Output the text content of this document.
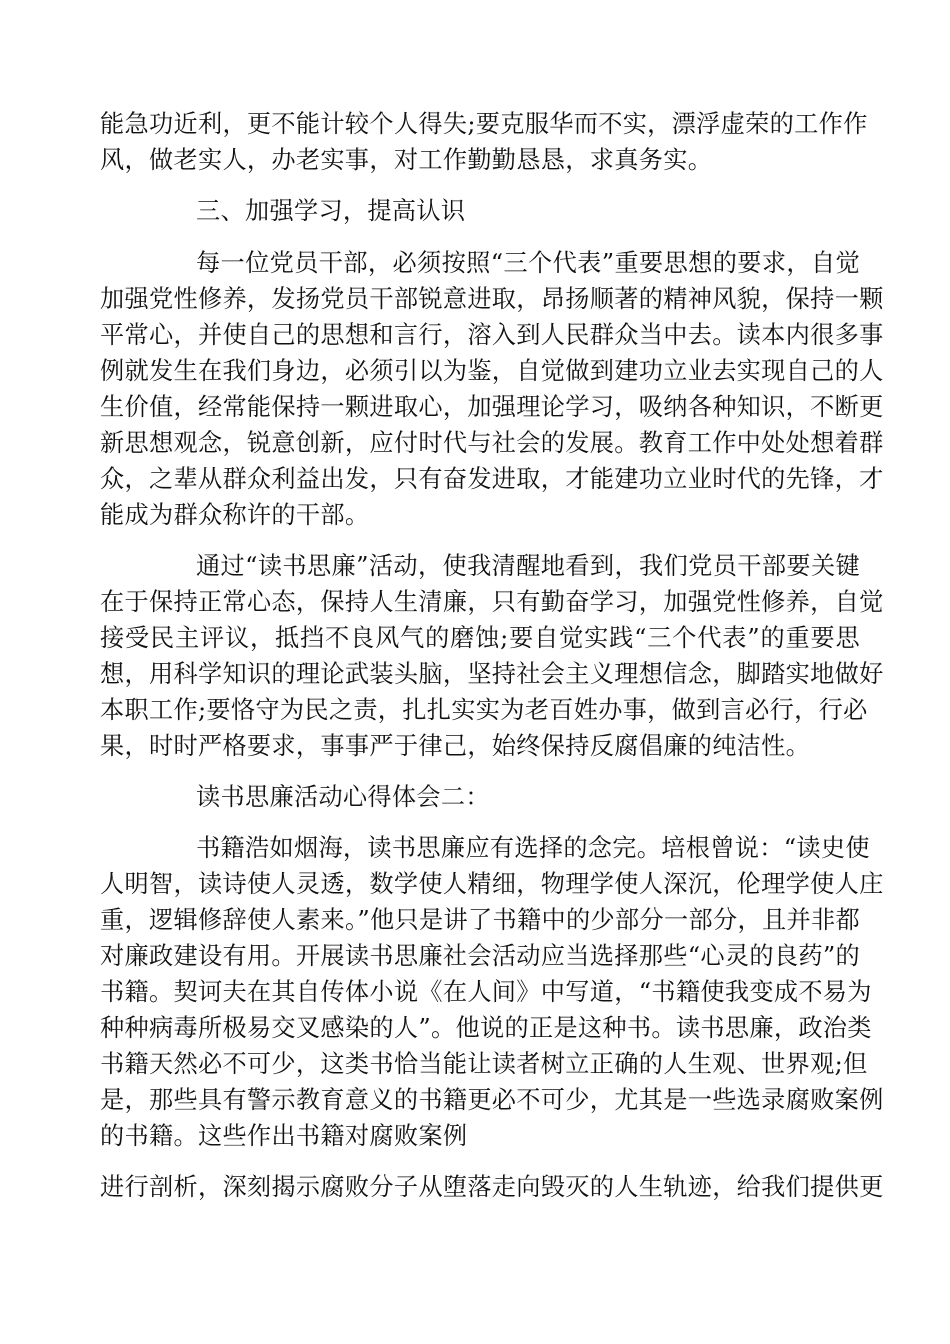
能急功近利，更不能计较个人得失;要克服华而不实，漂浮虚荣的工作作
风，做老实人，办老实事，对工作勤勤恳恳，求真务实。
三、加强学习，提高认识
每一位党员干部，必须按照“三个代表”重要思想的要求，自觉
加强党性修养，发扬党员干部锐意进取，昂扬顺著的精神风貌，保持一颗
平常心，并使自己的思想和言行，溶入到人民群众当中去。读本内很多事
例就发生在我们身边，必须引以为鉴，自觉做到建功立业去实现自己的人
生价值，经常能保持一颗进取心，加强理论学习，吸纳各种知识，不断更
新思想观念，锐意创新，应付时代与社会的发展。教育工作中处处想着群
众，之辈从群众利益出发，只有奋发进取，才能建功立业时代的先锋，才
能成为群众称许的干部。
通过“读书思廉”活动，使我清醒地看到，我们党员干部要关键
在于保持正常心态，保持人生清廉，只有勤奋学习，加强党性修养，自觉
接受民主评议，抵挡不良风气的磨蚀;要自觉实践“三个代表”的重要思
想，用科学知识的理论武装头脑，坚持社会主义理想信念，脚踏实地做好
本职工作;要恪守为民之责，扎扎实实为老百姓办事，做到言必行，行必
果，时时严格要求，事事严于律己，始终保持反腐倡廉的纯洁性。
读书思廉活动心得体会二：
书籍浩如烟海，读书思廉应有选择的念完。培根曾说：“读史使
人明智，读诗使人灵透，数学使人精细，物理学使人深沉，伦理学使人庄
重，逻辑修辞使人素来。”他只是讲了书籍中的少部分一部分，且并非都
对廉政建设有用。开展读书思廉社会活动应当选择那些“心灵的良药”的
书籍。契诃夫在其自传体小说《在人间》中写道，“书籍使我变成不易为
种种病毒所极易交叉感染的人”。他说的正是这种书。读书思廉，政治类
书籍天然必不可少，这类书恰当能让读者树立正确的人生观、世界观;但
是，那些具有警示教育意义的书籍更必不可少，尤其是一些选录腐败案例
的书籍。这些作出书籍对腐败案例
进行剖析，深刻揭示腐败分子从堕落走向毁灭的人生轨迹，给我们提供更
